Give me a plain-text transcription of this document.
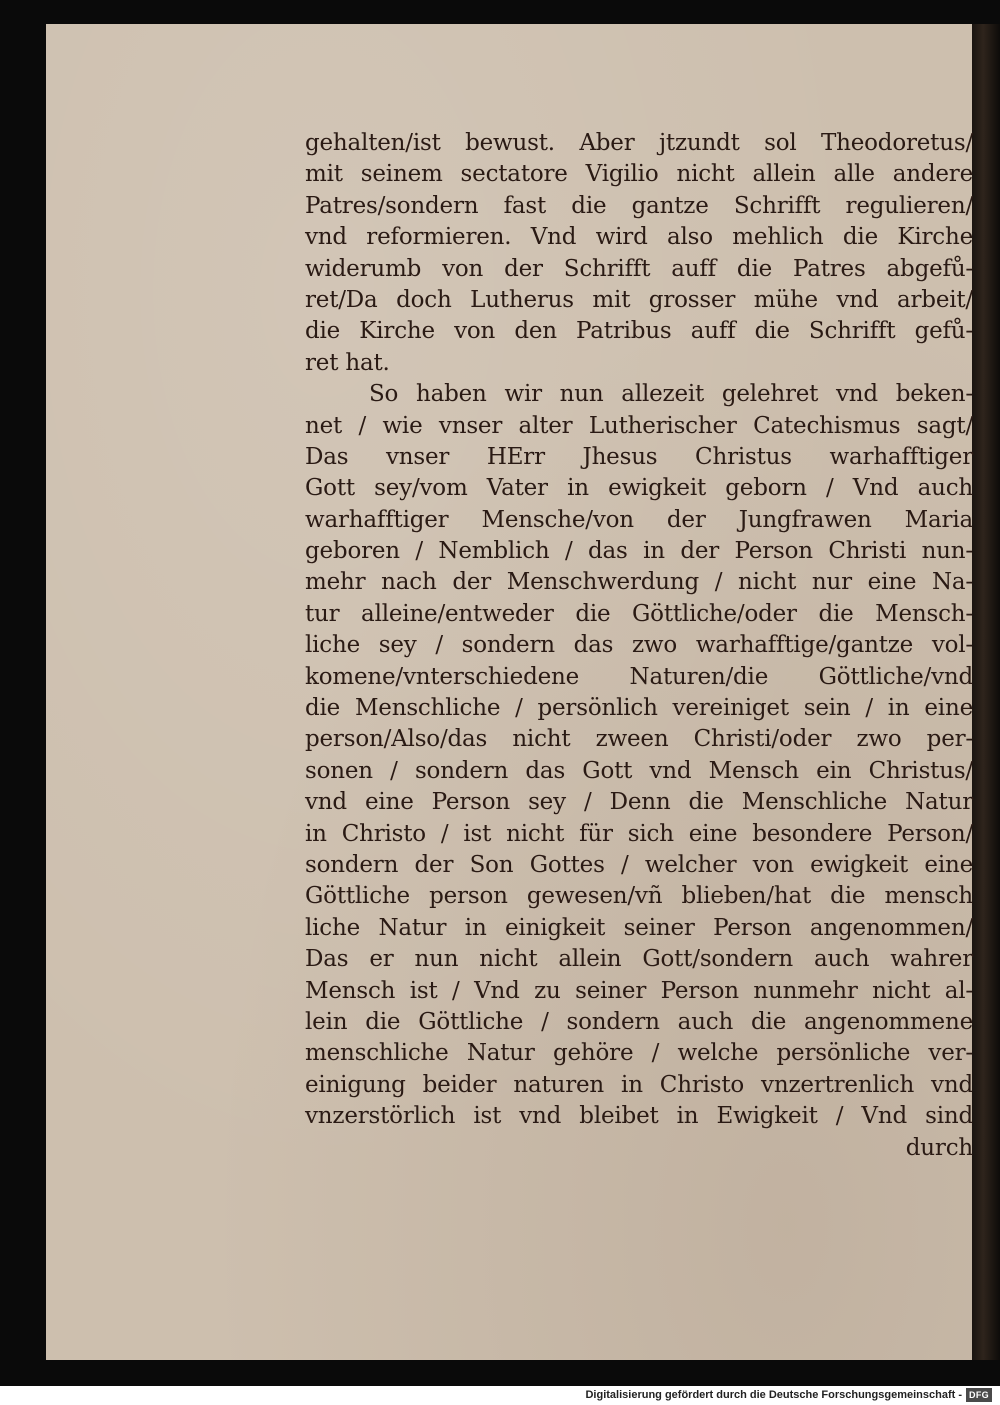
gehalten/ist bewust. Aber jtzundt sol Theodoretus/
mit seinem sectatore Vigilio nicht allein alle andere
Patres/sondern fast die gantze Schrifft regulieren/
vnd reformieren. Vnd wird also mehlich die Kirche
widerumb von der Schrifft auff die Patres abgefů-
ret/Da doch Lutherus mit grosser mühe vnd arbeit/
die Kirche von den Patribus auff die Schrifft gefů-
ret hat.
So haben wir nun allezeit gelehret vnd beken-
net / wie vnser alter Lutherischer Catechismus sagt/
Das vnser HErr Jhesus Christus warhafftiger
Gott sey/vom Vater in ewigkeit geborn / Vnd auch
warhafftiger Mensche/von der Jungfrawen Maria
geboren / Nemblich / das in der Person Christi nun-
mehr nach der Menschwerdung / nicht nur eine Na-
tur alleine/entweder die Göttliche/oder die Mensch-
liche sey / sondern das zwo warhafftige/gantze vol-
komene/vnterschiedene Naturen/die Göttliche/vnd
die Menschliche / persönlich vereiniget sein / in eine
person/Also/das nicht zween Christi/oder zwo per-
sonen / sondern das Gott vnd Mensch ein Christus/
vnd eine Person sey / Denn die Menschliche Natur
in Christo / ist nicht für sich eine besondere Person/
sondern der Son Gottes / welcher von ewigkeit eine
Göttliche person gewesen/vñ blieben/hat die mensch
liche Natur in einigkeit seiner Person angenommen/
Das er nun nicht allein Gott/sondern auch wahrer
Mensch ist / Vnd zu seiner Person nunmehr nicht al-
lein die Göttliche / sondern auch die angenommene
menschliche Natur gehöre / welche persönliche ver-
einigung beider naturen in Christo vnzertrenlich vnd
vnzerstörlich ist vnd bleibet in Ewigkeit / Vnd sind
durch
Digitalisierung gefördert durch die Deutsche Forschungsgemeinschaft - DFG
